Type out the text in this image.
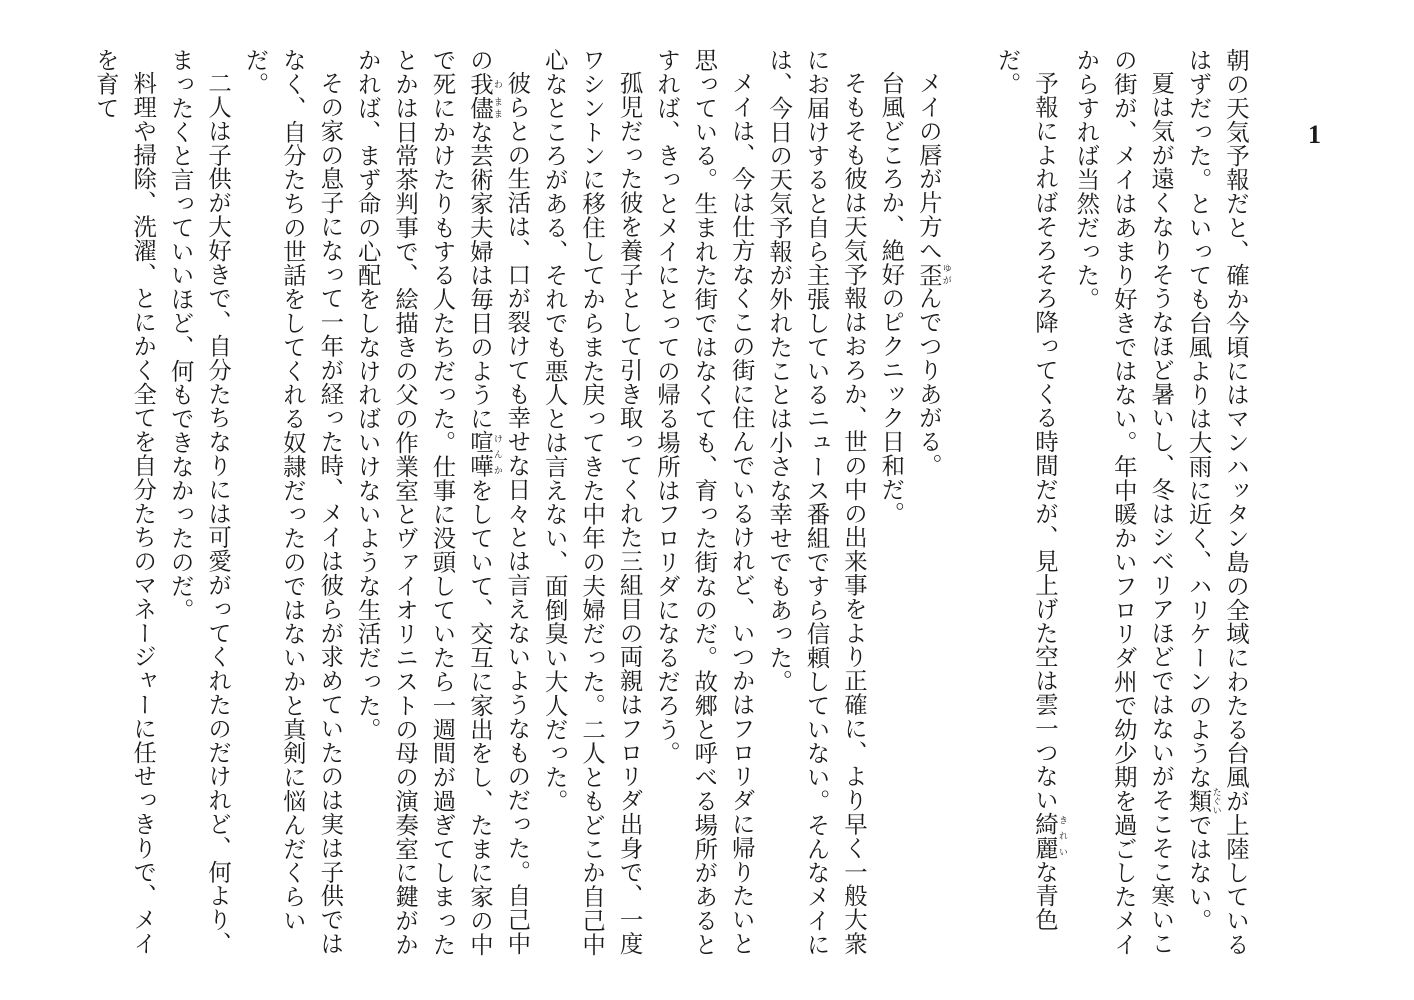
1

朝の天気予報だと、確か今頃にはマンハッタン島の全域にわたる台風が上陸しているはずだった。といっても台風よりは大雨に近く、ハリケーンのような類たぐいではない。

夏は気が遠くなりそうなほど暑いし、冬はシベリアほどではないがそこそこ寒いこの街が、メイはあまり好きではない。年中暖かいフロリダ州で幼少期を過ごしたメイからすれば当然だった。

予報によればそろそろ降ってくる時間だが、見上げた空は雲一つない綺麗きれいな青色だ。

メイの唇が片方へ歪ゆがんでつりあがる。

台風どころか、絶好のピクニック日和だ。

そもそも彼は天気予報はおろか、世の中の出来事をより正確に、より早く一般大衆にお届けすると自ら主張しているニュース番組ですら信頼していない。そんなメイには、今日の天気予報が外れたことは小さな幸せでもあった。

メイは、今は仕方なくこの街に住んでいるけれど、いつかはフロリダに帰りたいと思っている。生まれた街ではなくても、育った街なのだ。故郷と呼べる場所があるとすれば、きっとメイにとっての帰る場所はフロリダになるだろう。

孤児だった彼を養子として引き取ってくれた三組目の両親はフロリダ出身で、一度ワシントンに移住してからまた戻ってきた中年の夫婦だった。二人ともどこか自己中心なところがある、それでも悪人とは言えない、面倒臭い大人だった。

彼らとの生活は、口が裂けても幸せな日々とは言えないようなものだった。自己中の我わ儘ままな芸術家夫婦は毎日のように喧嘩けんかをしていて、交互に家出をし、たまに家の中で死にかけたりもする人たちだった。仕事に没頭していたら一週間が過ぎてしまったとかは日常茶判事で、絵描きの父の作業室とヴァイオリニストの母の演奏室に鍵がかかれば、まず命の心配をしなければいけないような生活だった。

その家の息子になって一年が経った時、メイは彼らが求めていたのは実は子供ではなく、自分たちの世話をしてくれる奴隷だったのではないかと真剣に悩んだくらいだ。

二人は子供が大好きで、自分たちなりには可愛がってくれたのだけれど、何より、まったくと言っていいほど、何もできなかったのだ。

料理や掃除、洗濯、とにかく全てを自分たちのマネージャーに任せっきりで、メイを育て
